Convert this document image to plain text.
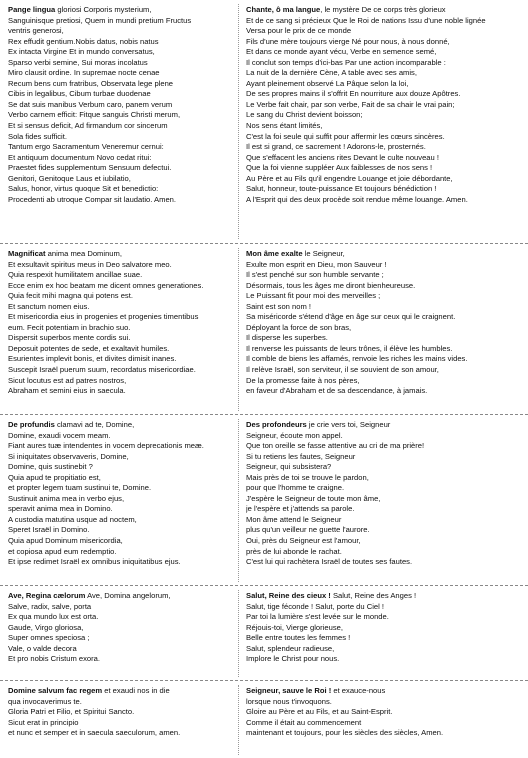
Pange lingua gloriosi Corporis mysterium,
Sanguinisque pretiosi, Quem in mundi pretium Fructus
ventris generosi,
Rex effudit gentium.Nobis datus, nobis natus
Ex intacta Virgine Et in mundo conversatus,
Sparso verbi semine, Sui moras incolatus
Miro clausit ordine. In supremae nocte cenae
Recum bens cum fratribus, Observata lege plene
Cibis in legalibus, Cibum turbae duodenae
Se dat suis manibus Verbum caro, panem verum
Verbo carnem efficit: Fitque sanguis Christi merum,
Et si sensus deficit, Ad firmandum cor sincerum
Sola fides sufficit.
Tantum ergo Sacramentum Veneremur cernui:
Et antiquum documentum Novo cedat ritui:
Praestet fides supplementum Sensuum defectui.
Genitori, Genitoque Laus et iubilatio,
Salus, honor, virtus quoque Sit et benedictio:
Procedenti ab utroque Compar sit laudatio. Amen.
Chante, ô ma langue, le mystère De ce corps très glorieux
Et de ce sang si précieux Que le Roi de nations Issu d'une noble lignée
Versa pour le prix de ce monde
Fils d'une mère toujours vierge Né pour nous, à nous donné,
Et dans ce monde ayant vécu, Verbe en semence semé,
Il conclut son temps d'ici-bas Par une action incomparable :
La nuit de la dernière Cène, A table avec ses amis,
Ayant pleinement observé La Pâque selon la loi,
De ses propres mains il s'offrit En nourriture aux douze Apôtres.
Le Verbe fait chair, par son verbe, Fait de sa chair le vrai pain;
Le sang du Christ devient boisson;
Nos sens étant limités,
C'est la foi seule qui suffit pour affermir les cœurs sincères.
Il est si grand, ce sacrement ! Adorons-le, prosternés.
Que s'effacent les anciens rites Devant le culte nouveau !
Que la foi vienne suppléer Aux faiblesses de nos sens !
Au Père et au Fils qu'il engendre Louange et joie débordante,
Salut, honneur, toute-puissance Et toujours bénédiction !
A l'Esprit qui des deux procède soit rendue même louange. Amen.
Magnificat anima mea Dominum,
Et exsultavit spiritus meus in Deo salvatore meo.
Quia respexit humilitatem ancillae suae.
Ecce enim ex hoc beatam me dicent omnes generationes.
Quia fecit mihi magna qui potens est.
Et sanctum nomen eius.
Et misericordia eius in progenies et progenies timentibus
eum. Fecit potentiam in brachio suo.
Dispersit superbos mente cordis sui.
Deposuit potentes de sede, et exaltavit humiles.
Esurientes implevit bonis, et divites dimisit inanes.
Suscepit Israël puerum suum, recordatus misericordiae.
Sicut locutus est ad patres nostros,
Abraham et semini eius in saecula.
Mon âme exalte le Seigneur,
Exulte mon esprit en Dieu, mon Sauveur !
Il s'est penché sur son humble servante ;
Désormais, tous les âges me diront bienheureuse.
Le Puissant fit pour moi des merveilles ;
Saint est son nom !
Sa miséricorde s'étend d'âge en âge sur ceux qui le craignent.
Déployant la force de son bras,
Il disperse les superbes.
Il renverse les puissants de leurs trônes, il élève les humbles.
Il comble de biens les affamés, renvoie les riches les mains vides.
Il relève Israël, son serviteur, il se souvient de son amour,
De la promesse faite à nos pères,
en faveur d'Abraham et de sa descendance, à jamais.
De profundis clamavi ad te, Domine,
Domine, exaudi vocem meam.
Fiant aures tuæ intendentes in vocem deprecationis meæ.
Si iniquitates observaveris, Domine,
Domine, quis sustinebit ?
Quia apud te propitiatio est,
et propter legem tuam sustinui te, Domine.
Sustinuit anima mea in verbo ejus,
speravit anima mea in Domino.
A custodia matutina usque ad noctem,
Speret Israël in Domino.
Quia apud Dominum misericordia,
et copiosa apud eum redemptio.
Et ipse redimet Israël ex omnibus iniquitatibus ejus.
Des profondeurs je crie vers toi, Seigneur
Seigneur, écoute mon appel.
Que ton oreille se fasse attentive au cri de ma prière!
Si tu retiens les fautes, Seigneur
Seigneur, qui subsistera?
Mais près de toi se trouve le pardon,
pour que l'homme te craigne.
J'espère le Seigneur de toute mon âme,
je l'espère et j'attends sa parole.
Mon âme attend le Seigneur
plus qu'un veilleur ne guette l'aurore.
Oui, près du Seigneur est l'amour,
près de lui abonde le rachat.
C'est lui qui rachètera Israël de toutes ses fautes.
Ave, Regina cælorum Ave, Domina angelorum,
Salve, radix, salve, porta
Ex qua mundo lux est orta.
Gaude, Virgo gloriosa,
Super omnes speciosa ;
Vale, o valde decora
Et pro nobis Cristum exora.
Salut, Reine des cieux ! Salut, Reine des Anges !
Salut, tige féconde ! Salut, porte du Ciel !
Par toi la lumière s'est levée sur le monde.
Réjouis-toi, Vierge glorieuse,
Belle entre toutes les femmes !
Salut, splendeur radieuse,
Implore le Christ pour nous.
Domine salvum fac regem et exaudi nos in die
qua invocaverimus te.
Gloria Patri et Filio, et Spiritui Sancto.
Sicut erat in principio
et nunc et semper et in saecula saeculorum, amen.
Seigneur, sauve le Roi ! et exauce-nous
lorsque nous t'invoquons.
Gloire au Père et au Fils, et au Saint-Esprit.
Comme il était au commencement
maintenant et toujours, pour les siècles des siècles, Amen.
